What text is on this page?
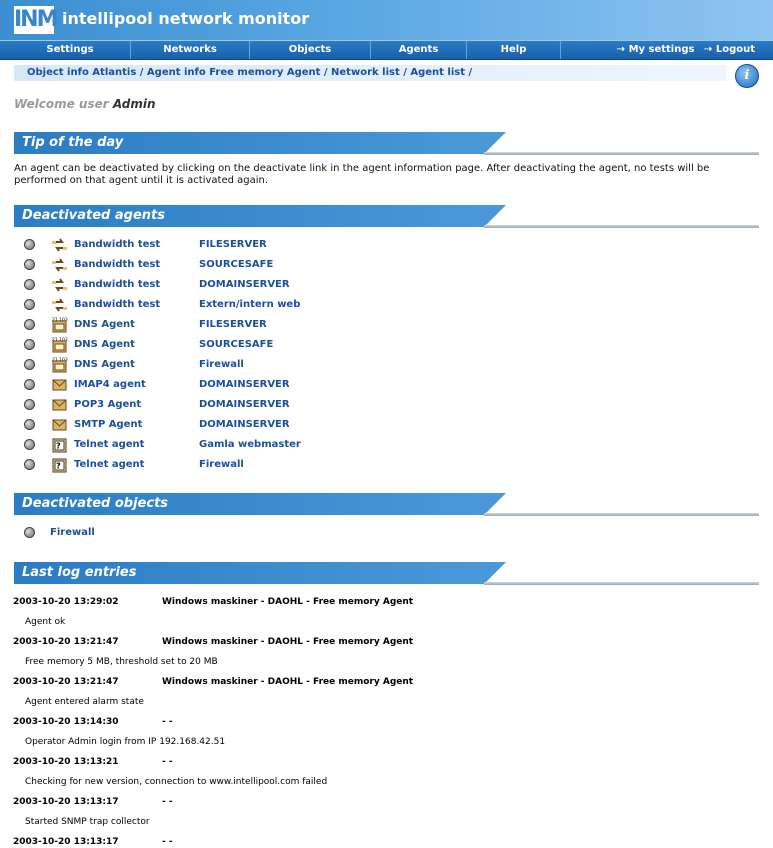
INM intellipool network monitor
Settings	Networks	Objects	Agents	Help	⇢ My settings ⇢ Logout
Object info Atlantis / Agent info Free memory Agent / Network list / Agent list /	i
Welcome user Admin
Tip of the day
An agent can be deactivated by clicking on the deactivate link in the agent information page. After deactivating the agent, no tests will be performed on that agent until it is activated again.
Deactivated agents
Bandwidth test	FILESERVER
Bandwidth test	SOURCESAFE
Bandwidth test	DOMAINSERVER
Bandwidth test	Extern/intern web
21.103 DNS Agent	FILESERVER
21.103 DNS Agent	SOURCESAFE
21.103 DNS Agent	Firewall
IMAP4 agent	DOMAINSERVER
POP3 Agent	DOMAINSERVER
SMTP Agent	DOMAINSERVER
? Telnet agent	Gamla webmaster
? Telnet agent	Firewall
Deactivated objects
Firewall
Last log entries
2003-10-20 13:29:02	Windows maskiner - DAOHL - Free memory Agent
Agent ok
2003-10-20 13:21:47	Windows maskiner - DAOHL - Free memory Agent
Free memory 5 MB, threshold set to 20 MB
2003-10-20 13:21:47	Windows maskiner - DAOHL - Free memory Agent
Agent entered alarm state
2003-10-20 13:14:30	- -
Operator Admin login from IP 192.168.42.51
2003-10-20 13:13:21	- -
Checking for new version, connection to www.intellipool.com failed
2003-10-20 13:13:17	- -
Started SNMP trap collector
2003-10-20 13:13:17	- -
